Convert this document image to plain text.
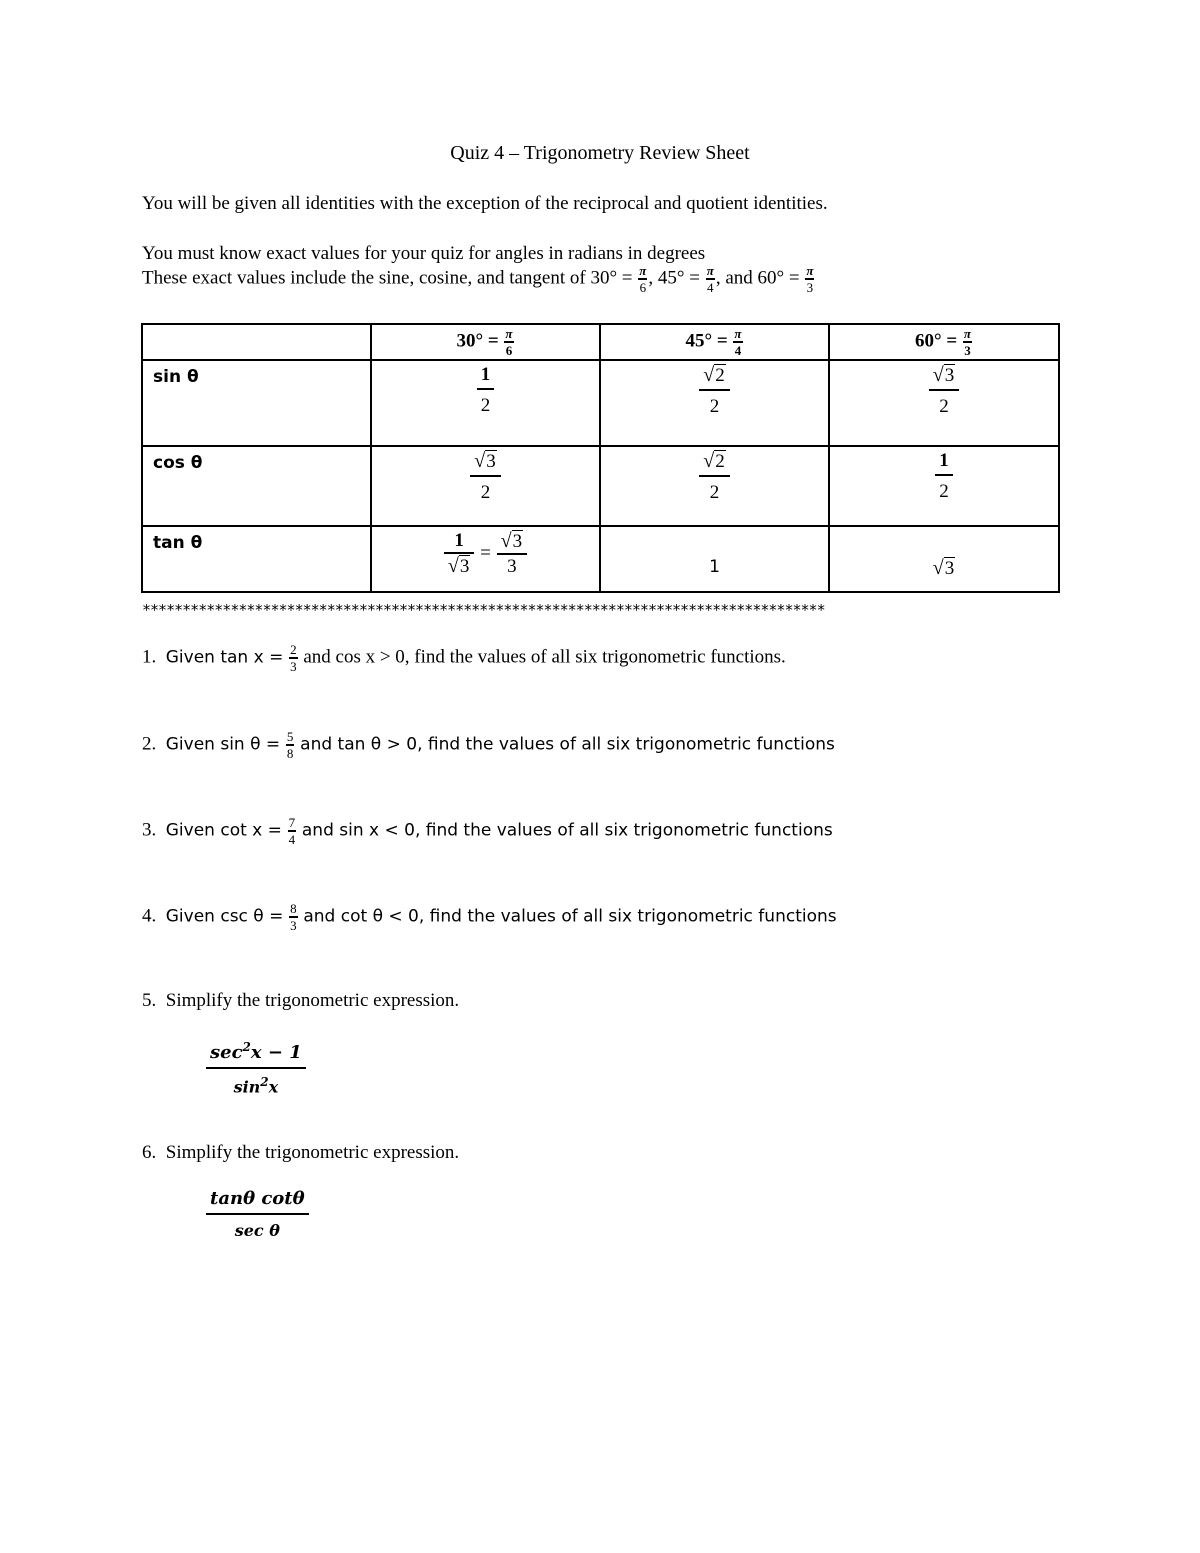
Quiz 4 – Trigonometry Review Sheet
You will be given all identities with the exception of the reciprocal and quotient identities.
You must know exact values for your quiz for angles in radians in degrees
These exact values include the sine, cosine, and tangent of $30^\circ = \frac{\pi}{6}$ , $45^\circ = \frac{\pi}{4}$ , and $60^\circ = \frac{\pi}{3}$
	$30^\circ = \frac{\pi}{6}$	$45^\circ = \frac{\pi}{4}$	$60^\circ = \frac{\pi}{3}$

sin θ	$\frac{1}{2}$	$\frac{√2}{2}$	$\frac{√3}{2}$

cos θ	$\frac{√3}{2}$	$\frac{√2}{2}$	$\frac{1}{2}$

tan θ	$\frac{1}{√3} = \frac{√3}{3}$	1	√3
*************************************************************************************
1. Given $\tan x = \frac{2}{3}$ and cos x > 0, find the values of all six trigonometric functions.
2. Given $\sin \theta = \frac{5}{8}$ and tan θ > 0, find the values of all six trigonometric functions
3. Given $\cot x = \frac{7}{4}$ and sin x < 0, find the values of all six trigonometric functions
4. Given $\csc \theta = \frac{8}{3}$ and cot θ < 0, find the values of all six trigonometric functions
5. Simplify the trigonometric expression.
$\sec^2x - 1$
$\sin^2x$
6. Simplify the trigonometric expression.
tanθ cotθ
sec θ
